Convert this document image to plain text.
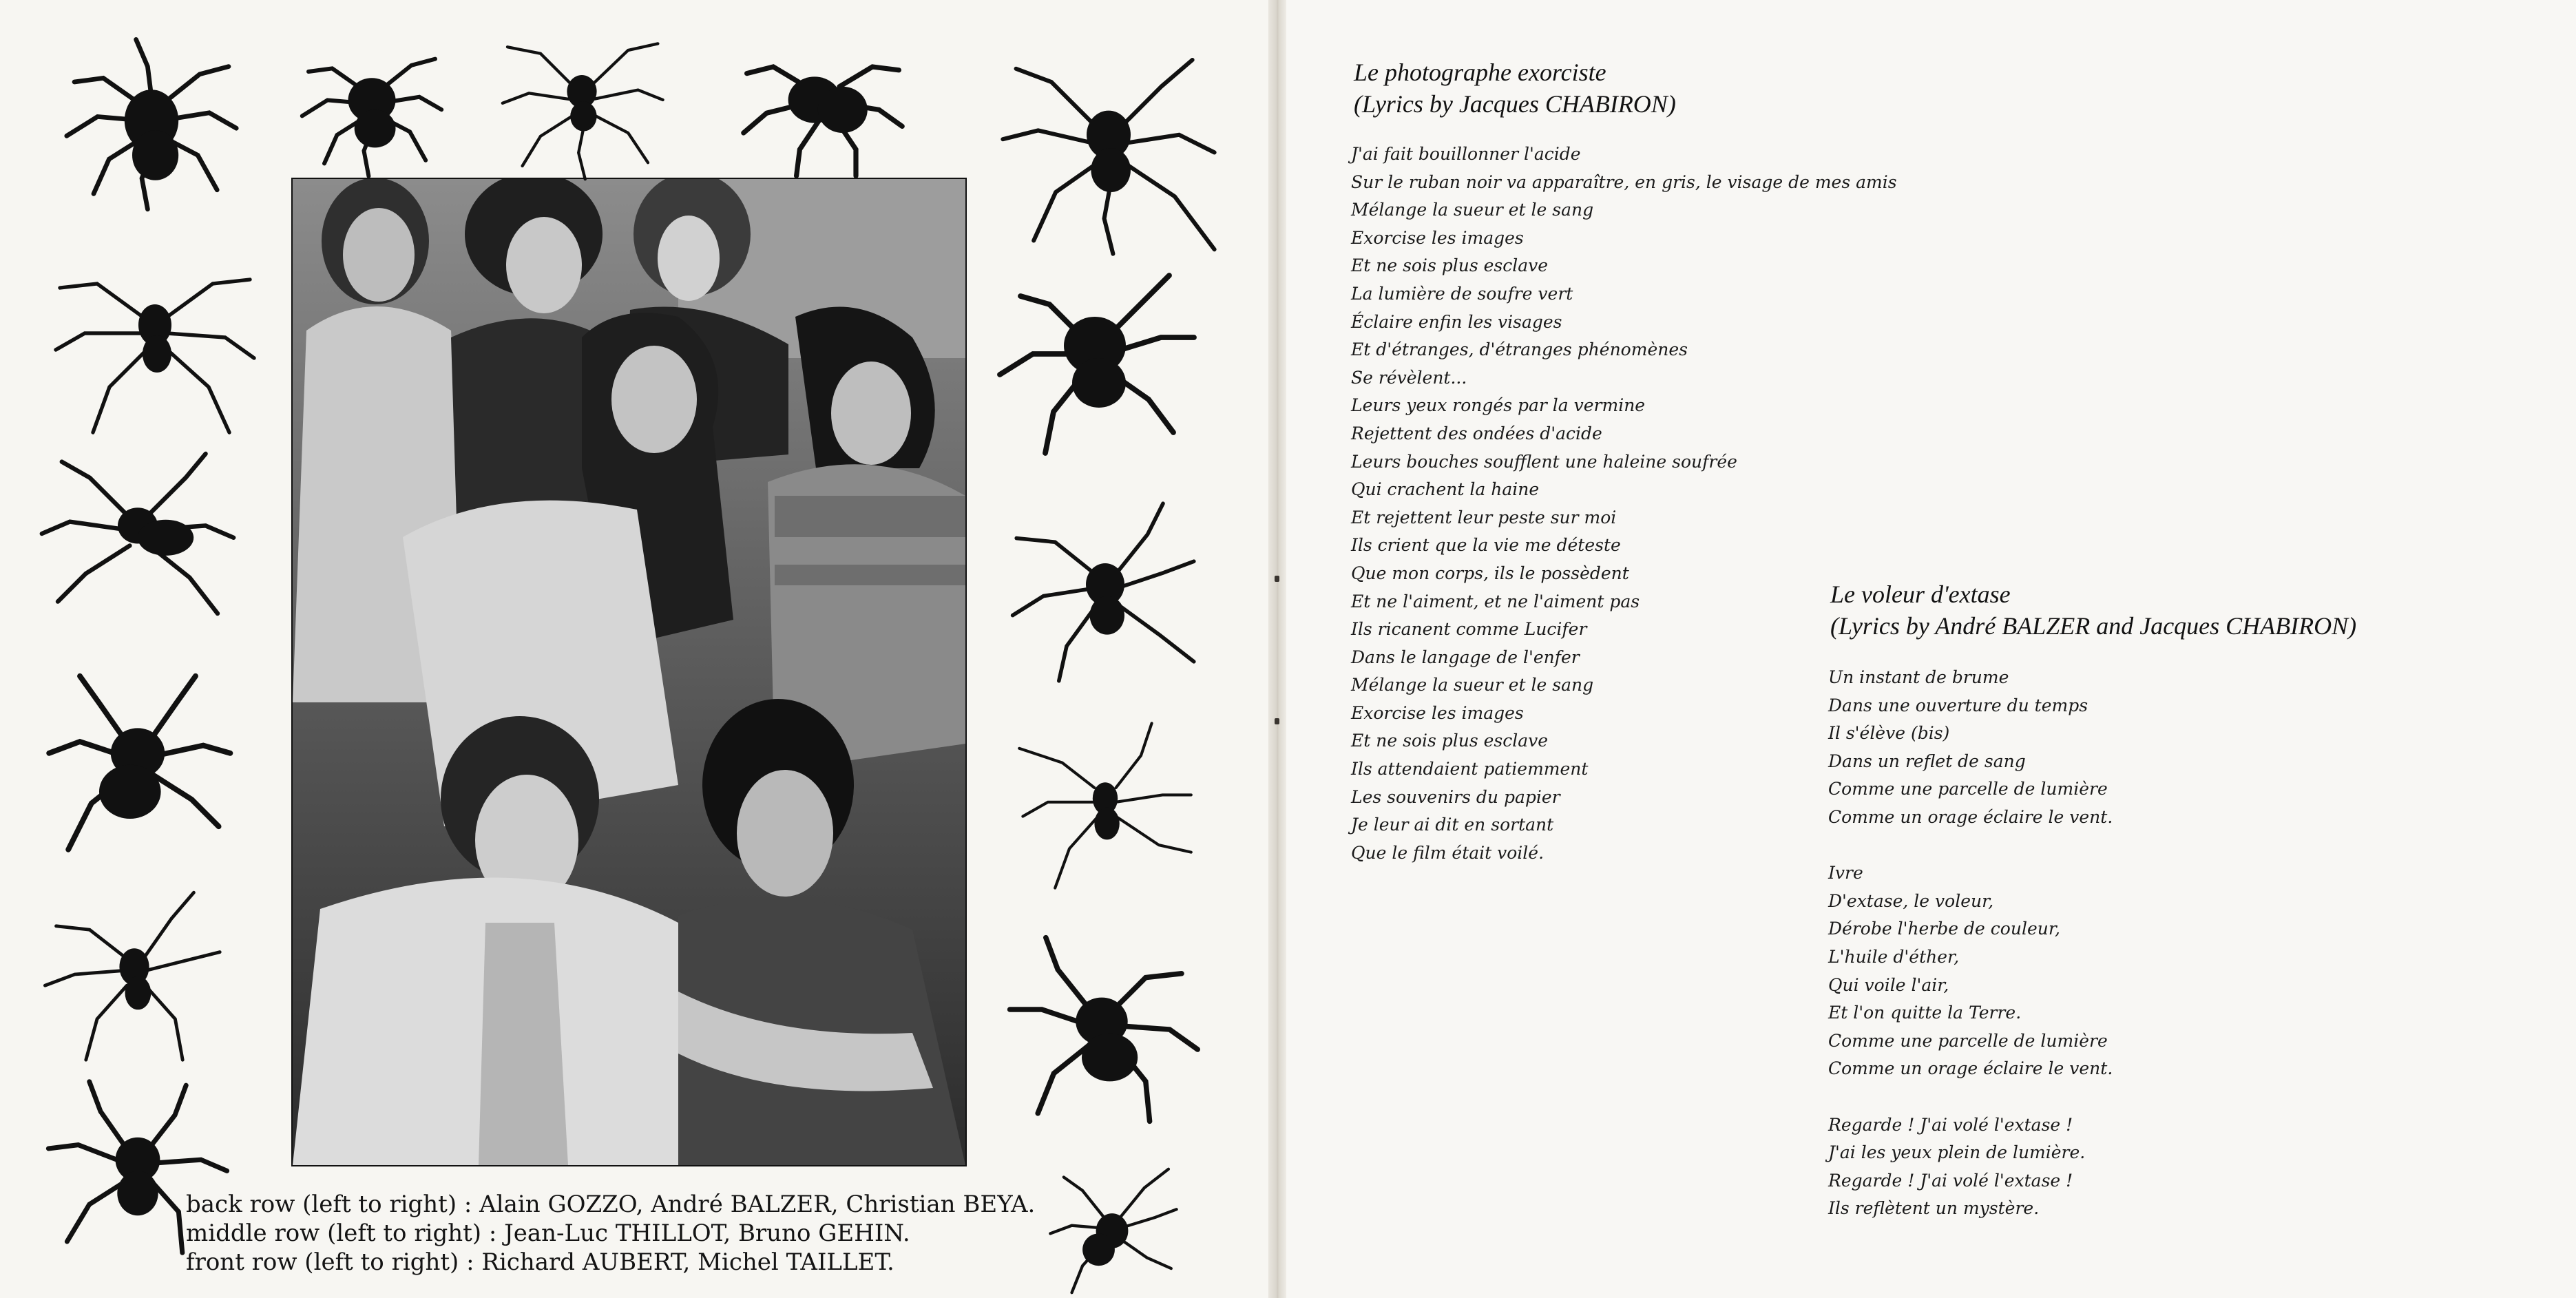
back row (left to right) : Alain GOZZO, André BALZER, Christian BEYA.
middle row (left to right) : Jean-Luc THILLOT, Bruno GEHIN.
front row (left to right) : Richard AUBERT, Michel TAILLET.
Le photographe exorciste
(Lyrics by Jacques CHABIRON)
J'ai fait bouillonner l'acide
Sur le ruban noir va apparaître, en gris, le visage de mes amis
Mélange la sueur et le sang
Exorcise les images
Et ne sois plus esclave
La lumière de soufre vert
Éclaire enfin les visages
Et d'étranges, d'étranges phénomènes
Se révèlent...
Leurs yeux rongés par la vermine
Rejettent des ondées d'acide
Leurs bouches soufflent une haleine soufrée
Qui crachent la haine
Et rejettent leur peste sur moi
Ils crient que la vie me déteste
Que mon corps, ils le possèdent
Et ne l'aiment, et ne l'aiment pas
Ils ricanent comme Lucifer
Dans le langage de l'enfer
Mélange la sueur et le sang
Exorcise les images
Et ne sois plus esclave
Ils attendaient patiemment
Les souvenirs du papier
Je leur ai dit en sortant
Que le film était voilé.
Le voleur d'extase
(Lyrics by André BALZER and Jacques CHABIRON)
Un instant de brume
Dans une ouverture du temps
Il s'élève (bis)
Dans un reflet de sang
Comme une parcelle de lumière
Comme un orage éclaire le vent.
Ivre
D'extase, le voleur,
Dérobe l'herbe de couleur,
L'huile d'éther,
Qui voile l'air,
Et l'on quitte la Terre.
Comme une parcelle de lumière
Comme un orage éclaire le vent.
Regarde ! J'ai volé l'extase !
J'ai les yeux plein de lumière.
Regarde ! J'ai volé l'extase !
Ils reflètent un mystère.
